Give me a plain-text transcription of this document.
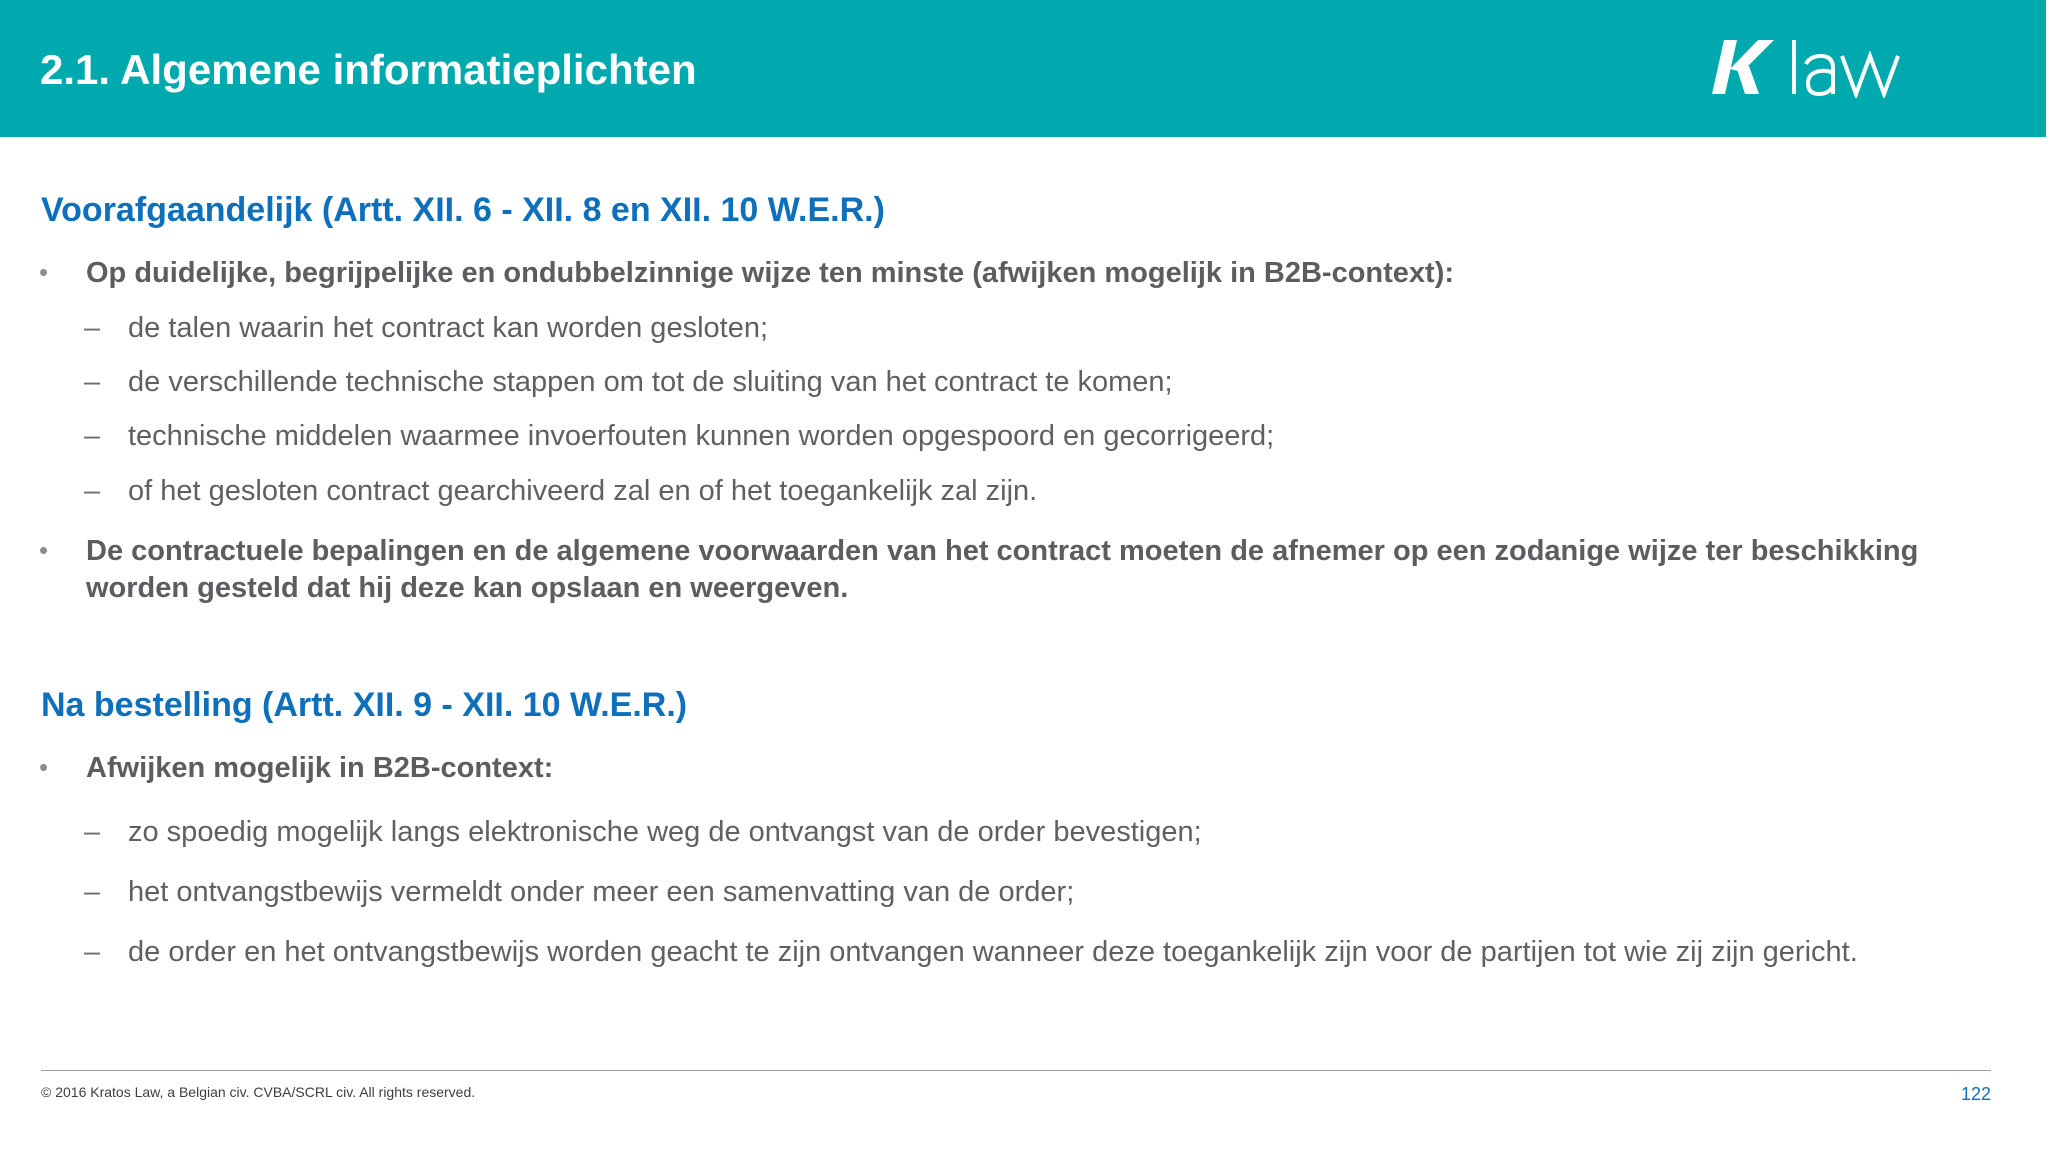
2.1. Algemene informatieplichten
Voorafgaandelijk (Artt. XII. 6 - XII. 8 en XII. 10 W.E.R.)
• Op duidelijke, begrijpelijke en ondubbelzinnige wijze ten minste (afwijken mogelijk in B2B-context):
– de talen waarin het contract kan worden gesloten;
– de verschillende technische stappen om tot de sluiting van het contract te komen;
– technische middelen waarmee invoerfouten kunnen worden opgespoord en gecorrigeerd;
– of het gesloten contract gearchiveerd zal en of het toegankelijk zal zijn.
• De contractuele bepalingen en de algemene voorwaarden van het contract moeten de afnemer op een zodanige wijze ter beschikking worden gesteld dat hij deze kan opslaan en weergeven.
Na bestelling (Artt. XII. 9 - XII. 10 W.E.R.)
• Afwijken mogelijk in B2B-context:
– zo spoedig mogelijk langs elektronische weg de ontvangst van de order bevestigen;
– het ontvangstbewijs vermeldt onder meer een samenvatting van de order;
– de order en het ontvangstbewijs worden geacht te zijn ontvangen wanneer deze toegankelijk zijn voor de partijen tot wie zij zijn gericht.
© 2016 Kratos Law, a Belgian civ. CVBA/SCRL civ. All rights reserved.	122
